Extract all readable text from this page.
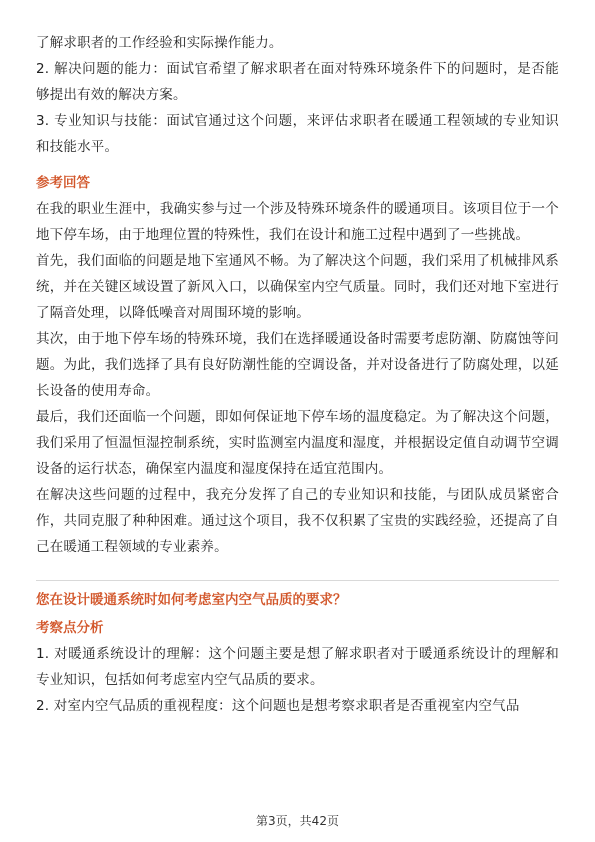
了解求职者的工作经验和实际操作能力。

2. 解决问题的能力：面试官希望了解求职者在面对特殊环境条件下的问题时，是否能够提出有效的解决方案。

3. 专业知识与技能：面试官通过这个问题，来评估求职者在暖通工程领域的专业知识和技能水平。

参考回答

在我的职业生涯中，我确实参与过一个涉及特殊环境条件的暖通项目。该项目位于一个地下停车场，由于地理位置的特殊性，我们在设计和施工过程中遇到了一些挑战。

首先，我们面临的问题是地下室通风不畅。为了解决这个问题，我们采用了机械排风系统，并在关键区域设置了新风入口，以确保室内空气质量。同时，我们还对地下室进行了隔音处理，以降低噪音对周围环境的影响。

其次，由于地下停车场的特殊环境，我们在选择暖通设备时需要考虑防潮、防腐蚀等问题。为此，我们选择了具有良好防潮性能的空调设备，并对设备进行了防腐处理，以延长设备的使用寿命。

最后，我们还面临一个问题，即如何保证地下停车场的温度稳定。为了解决这个问题，我们采用了恒温恒湿控制系统，实时监测室内温度和湿度，并根据设定值自动调节空调设备的运行状态，确保室内温度和湿度保持在适宜范围内。

在解决这些问题的过程中，我充分发挥了自己的专业知识和技能，与团队成员紧密合作，共同克服了种种困难。通过这个项目，我不仅积累了宝贵的实践经验，还提高了自己在暖通工程领域的专业素养。

您在设计暖通系统时如何考虑室内空气品质的要求？
考察点分析

1. 对暖通系统设计的理解：这个问题主要是想了解求职者对于暖通系统设计的理解和专业知识，包括如何考虑室内空气品质的要求。

2. 对室内空气品质的重视程度：这个问题也是想考察求职者是否重视室内空气品

第3页，共42页
